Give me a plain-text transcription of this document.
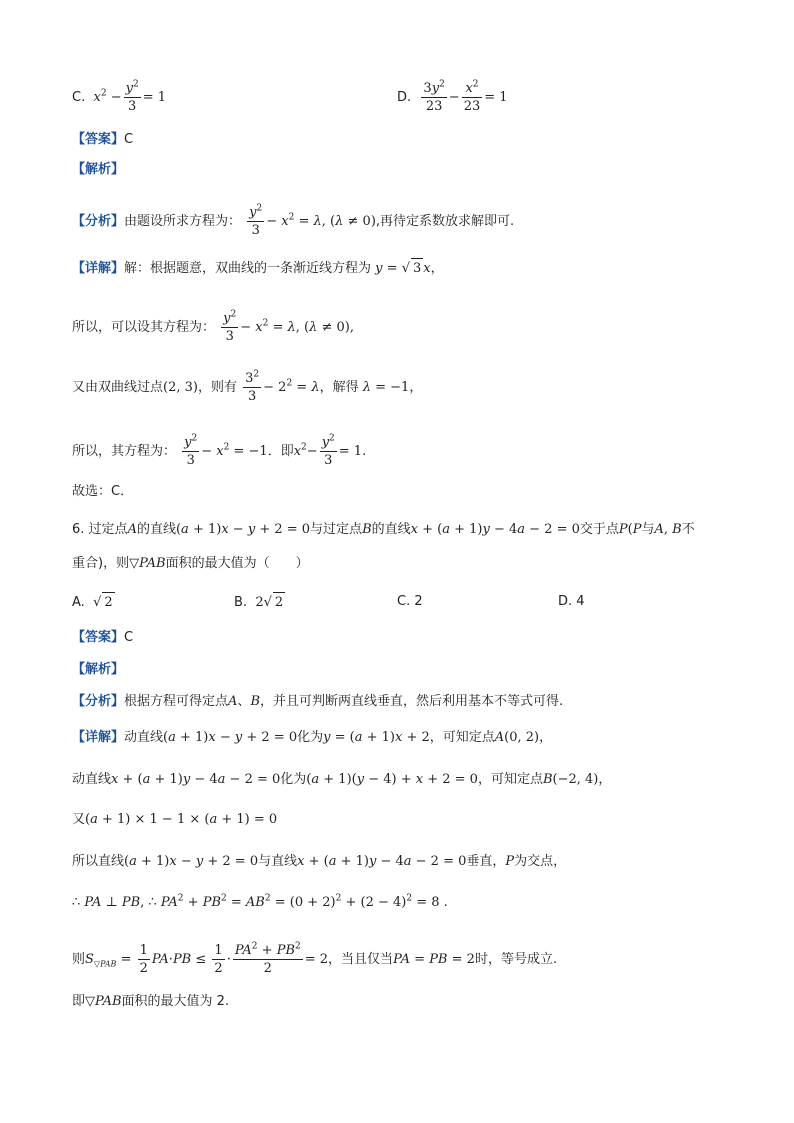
C. $x^2 - \frac{y^2}{3} = 1$	D. $\frac{3y^2}{23} - \frac{x^2}{23} = 1$
【答案】C
【解析】
【分析】由题设所求方程为： $\frac{y^2}{3} - x^2 = \lambda$, (λ ≠ 0),再待定系数放求解即可.
【详解】解：根据题意，双曲线的一条渐近线方程为 y = √ 3 x，
所以，可以设其方程为： $\frac{y^2}{3} - x^2 = \lambda$, (λ ≠ 0),
又由双曲线过点(2, 3)，则有 $\frac{3^2}{3} - 2^2 = \lambda$，解得 λ = −1，
所以，其方程为： $\frac{y^2}{3} - x^2 = -1$．即$x^2- \frac{y^2}{3} = 1$.
故选：C．
6. 过定点A的直线(a + 1)x − y + 2 = 0与过定点B的直线x + (a + 1)y − 4a − 2 = 0交于点P(P与A, B不
重合)，则▽PAB面积的最大值为（　　）
A. √ 2	B. 2√ 2	C. 2	D. 4
【答案】C
【解析】
【分析】根据方程可得定点A、B，并且可判断两直线垂直，然后利用基本不等式可得.
【详解】动直线(a + 1)x − y + 2 = 0化为y = (a + 1)x + 2，可知定点A(0, 2)，
动直线x + (a + 1)y − 4a − 2 = 0化为(a + 1)(y − 4) + x + 2 = 0，可知定点B(−2, 4)，
又(a + 1) × 1 − 1 × (a + 1) = 0
所以直线(a + 1)x − y + 2 = 0与直线x + (a + 1)y − 4a − 2 = 0垂直，P为交点，
∴ PA ⊥ PB, ∴ $PA^2 + PB^2 = AB^2 = (0 + 2)^2 + (2 - 4)^2 = 8$ .
则$S_{▽PAB} = \frac{1}{2} PA\cdot PB \le \frac{1}{2} \cdot \frac{PA^2 + PB^2}{2} = 2$，当且仅当PA = PB = 2时，等号成立.
即▽PAB面积的最大值为 2.
